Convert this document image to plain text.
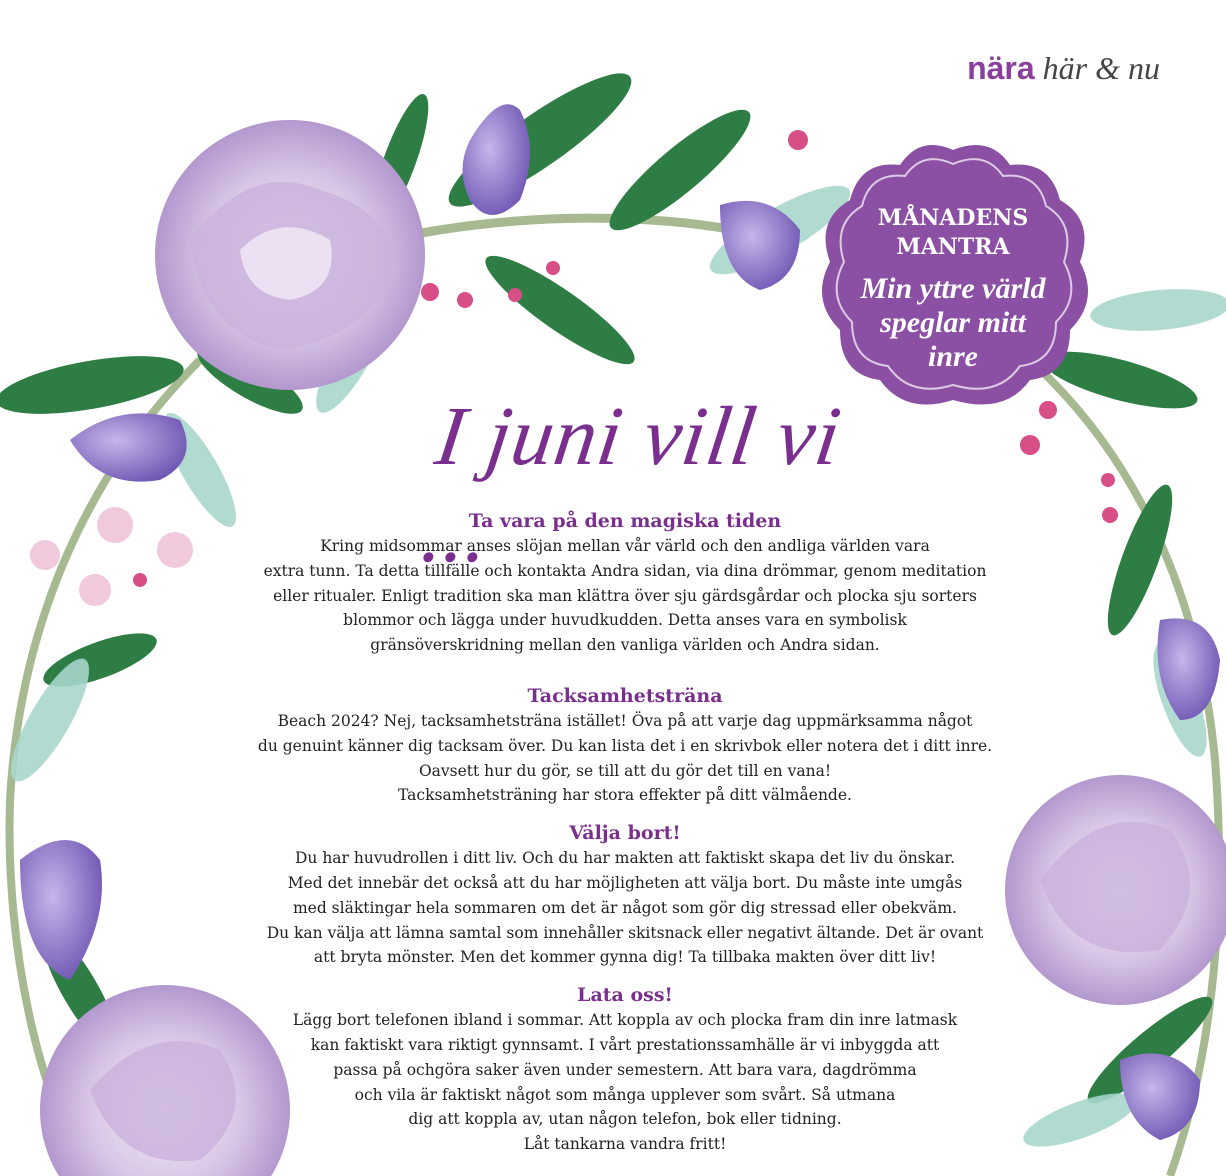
nära här & nu
MÅNADENS
MANTRA
Min yttre värld
speglar mitt
inre
I juni vill vi ...
Ta vara på den magiska tiden
Kring midsommar anses slöjan mellan vår värld och den andliga världen vara
extra tunn. Ta detta tillfälle och kontakta Andra sidan, via dina drömmar, genom meditation
eller ritualer. Enligt tradition ska man klättra över sju gärdsgårdar och plocka sju sorters
blommor och lägga under huvudkudden. Detta anses vara en symbolisk
gränsöverskridning mellan den vanliga världen och Andra sidan.
Tacksamhetsträna
Beach 2024? Nej, tacksamhetsträna istället! Öva på att varje dag uppmärksamma något
du genuint känner dig tacksam över. Du kan lista det i en skrivbok eller notera det i ditt inre.
Oavsett hur du gör, se till att du gör det till en vana!
Tacksamhetsträning har stora effekter på ditt välmående.
Välja bort!
Du har huvudrollen i ditt liv. Och du har makten att faktiskt skapa det liv du önskar.
Med det innebär det också att du har möjligheten att välja bort. Du måste inte umgås
med släktingar hela sommaren om det är något som gör dig stressad eller obekväm.
Du kan välja att lämna samtal som innehåller skitsnack eller negativt ältande. Det är ovant
att bryta mönster. Men det kommer gynna dig! Ta tillbaka makten över ditt liv!
Lata oss!
Lägg bort telefonen ibland i sommar. Att koppla av och plocka fram din inre latmask
kan faktiskt vara riktigt gynnsamt. I vårt prestationssamhälle är vi inbyggda att
passa på ochgöra saker även under semestern. Att bara vara, dagdrömma
och vila är faktiskt något som många upplever som svårt. Så utmana
dig att koppla av, utan någon telefon, bok eller tidning.
Låt tankarna vandra fritt!
